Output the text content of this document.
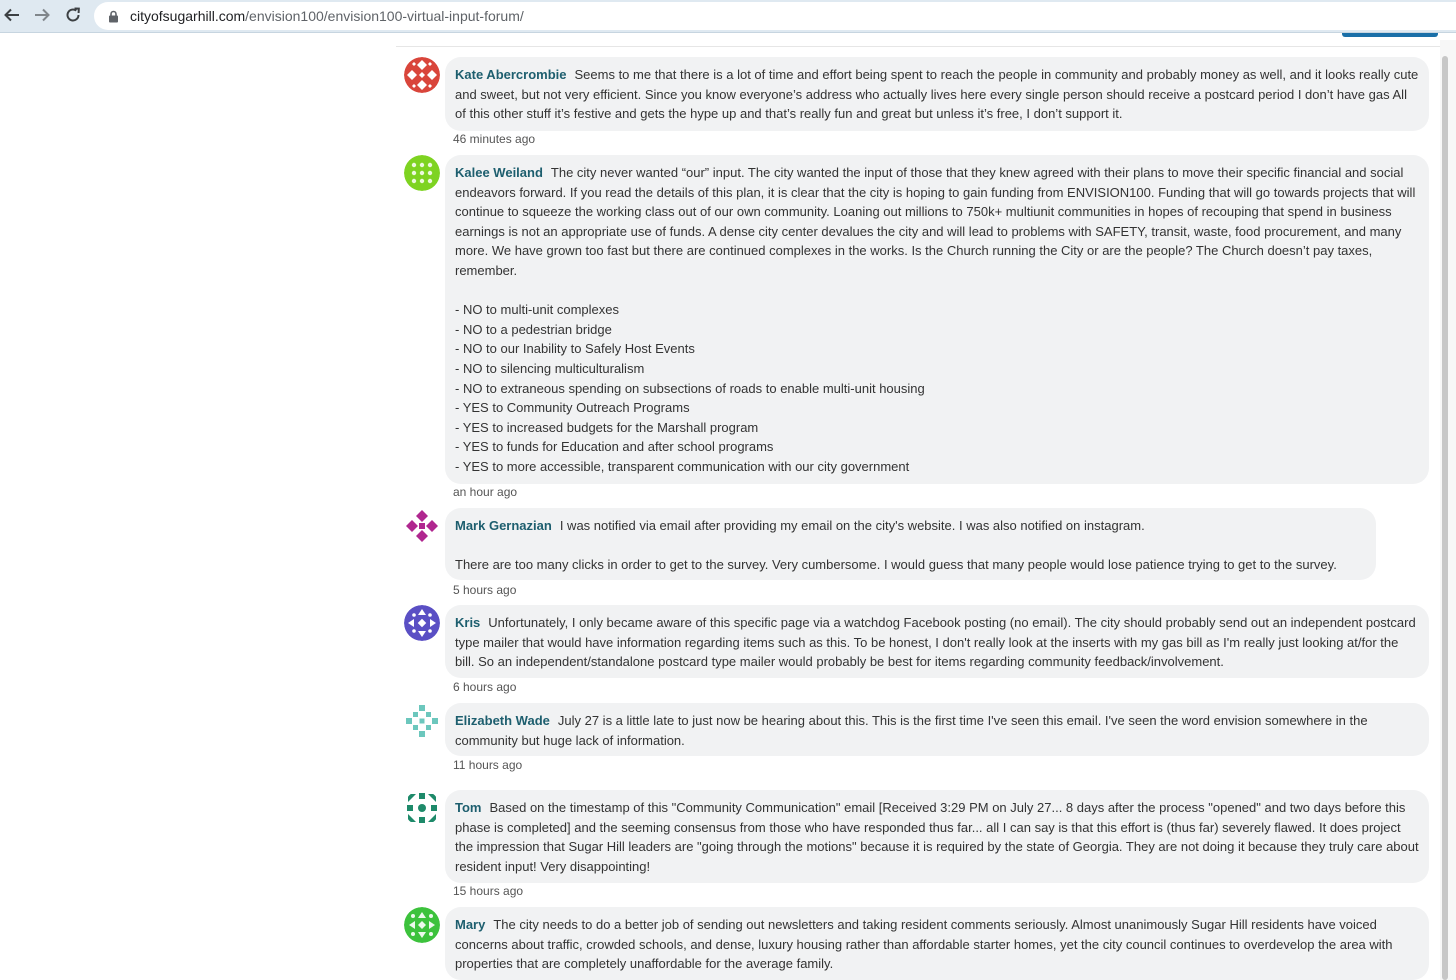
cityofsugarhill.com/envision100/envision100-virtual-input-forum/
Kate Abercrombie Seems to me that there is a lot of time and effort being spent to reach the people in community and probably money as well, and it looks really cute and sweet, but not very efficient. Since you know everyone’s address who actually lives here every single person should receive a postcard period I don’t have gas All of this other stuff it’s festive and gets the hype up and that’s really fun and great but unless it’s free, I don’t support it.
46 minutes ago
Kalee Weiland The city never wanted “our” input. The city wanted the input of those that they knew agreed with their plans to move their specific financial and social endeavors forward. If you read the details of this plan, it is clear that the city is hoping to gain funding from ENVISION100. Funding that will go towards projects that will continue to squeeze the working class out of our own community. Loaning out millions to 750k+ multiunit communities in hopes of recouping that spend in business earnings is not an appropriate use of funds. A dense city center devalues the city and will lead to problems with SAFETY, transit, waste, food procurement, and many more. We have grown too fast but there are continued complexes in the works. Is the Church running the City or are the people? The Church doesn’t pay taxes, remember.

- NO to multi-unit complexes
- NO to a pedestrian bridge
- NO to our Inability to Safely Host Events
- NO to silencing multiculturalism
- NO to extraneous spending on subsections of roads to enable multi-unit housing
- YES to Community Outreach Programs
- YES to increased budgets for the Marshall program
- YES to funds for Education and after school programs
- YES to more accessible, transparent communication with our city government
an hour ago
Mark Gernazian I was notified via email after providing my email on the city's website. I was also notified on instagram.

There are too many clicks in order to get to the survey. Very cumbersome. I would guess that many people would lose patience trying to get to the survey.
5 hours ago
Kris Unfortunately, I only became aware of this specific page via a watchdog Facebook posting (no email). The city should probably send out an independent postcard type mailer that would have information regarding items such as this. To be honest, I don't really look at the inserts with my gas bill as I'm really just looking at/for the bill. So an independent/standalone postcard type mailer would probably be best for items regarding community feedback/involvement.
6 hours ago
Elizabeth Wade July 27 is a little late to just now be hearing about this. This is the first time I've seen this email. I've seen the word envision somewhere in the community but huge lack of information.
11 hours ago
Tom Based on the timestamp of this "Community Communication" email [Received 3:29 PM on July 27... 8 days after the process "opened" and two days before this phase is completed] and the seeming consensus from those who have responded thus far... all I can say is that this effort is (thus far) severely flawed. It does project the impression that Sugar Hill leaders are "going through the motions" because it is required by the state of Georgia. They are not doing it because they truly care about resident input! Very disappointing!
15 hours ago
Mary The city needs to do a better job of sending out newsletters and taking resident comments seriously. Almost unanimously Sugar Hill residents have voiced concerns about traffic, crowded schools, and dense, luxury housing rather than affordable starter homes, yet the city council continues to overdevelop the area with properties that are completely unaffordable for the average family.
